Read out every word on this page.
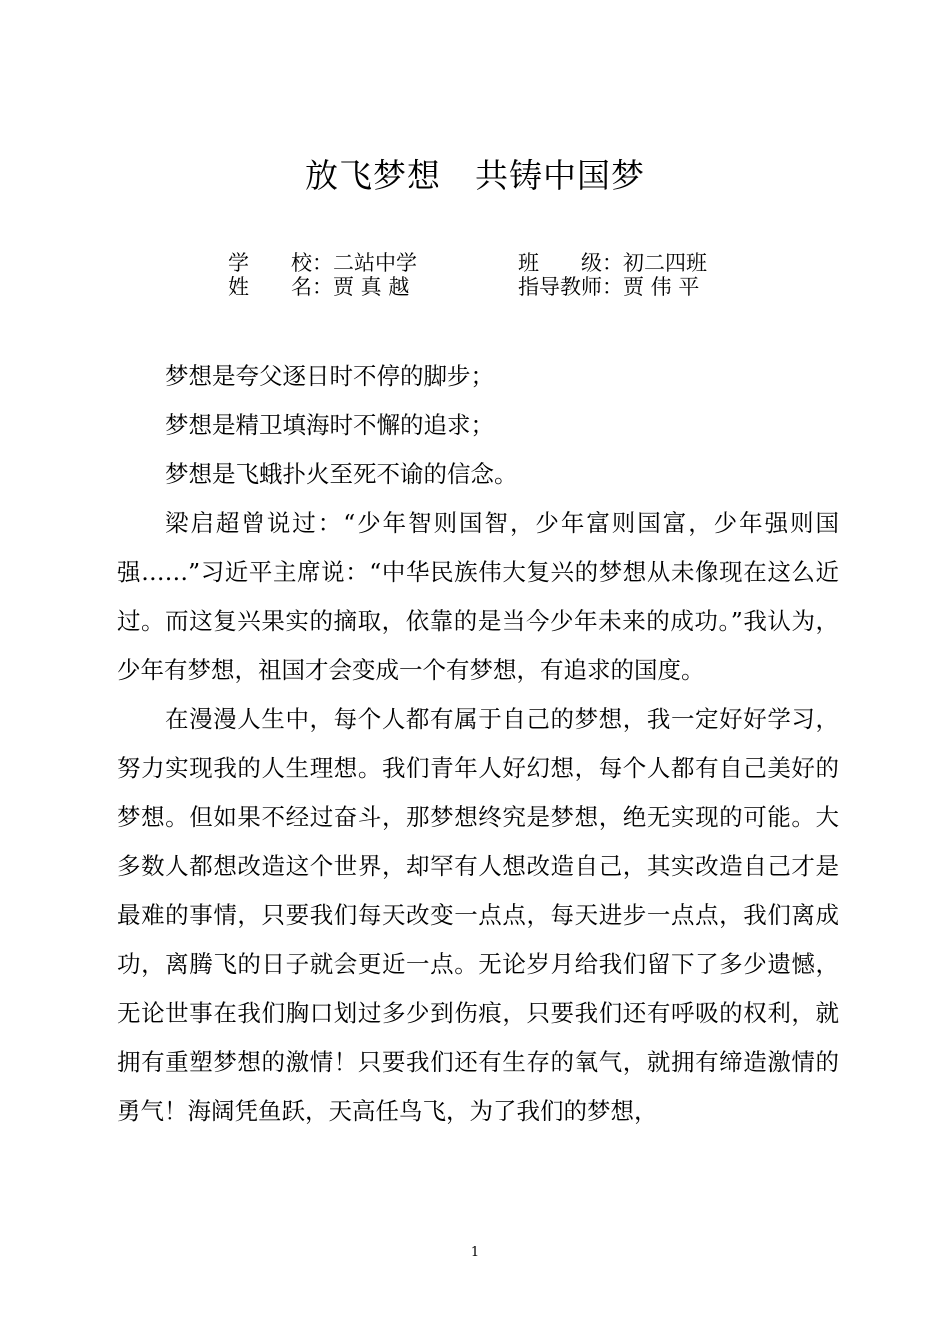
放飞梦想　共铸中国梦
学　　校：二站中学	班　　级：初二四班
姓　　名：贾 真 越	指导教师：贾 伟 平

梦想是夸父逐日时不停的脚步；

梦想是精卫填海时不懈的追求；

梦想是飞蛾扑火至死不谕的信念。

梁启超曾说过：“少年智则国智，少年富则国富，少年强则国强……”习近平主席说：“中华民族伟大复兴的梦想从未像现在这么近过。而这复兴果实的摘取，依靠的是当今少年未来的成功。”我认为，少年有梦想，祖国才会变成一个有梦想，有追求的国度。

在漫漫人生中，每个人都有属于自己的梦想，我一定好好学习，努力实现我的人生理想。我们青年人好幻想，每个人都有自己美好的梦想。但如果不经过奋斗，那梦想终究是梦想，绝无实现的可能。大多数人都想改造这个世界，却罕有人想改造自己，其实改造自己才是最难的事情，只要我们每天改变一点点，每天进步一点点，我们离成功，离腾飞的日子就会更近一点。无论岁月给我们留下了多少遗憾，无论世事在我们胸口划过多少到伤痕，只要我们还有呼吸的权利，就拥有重塑梦想的激情！只要我们还有生存的氧气，就拥有缔造激情的勇气！海阔凭鱼跃，天高任鸟飞，为了我们的梦想，

1
